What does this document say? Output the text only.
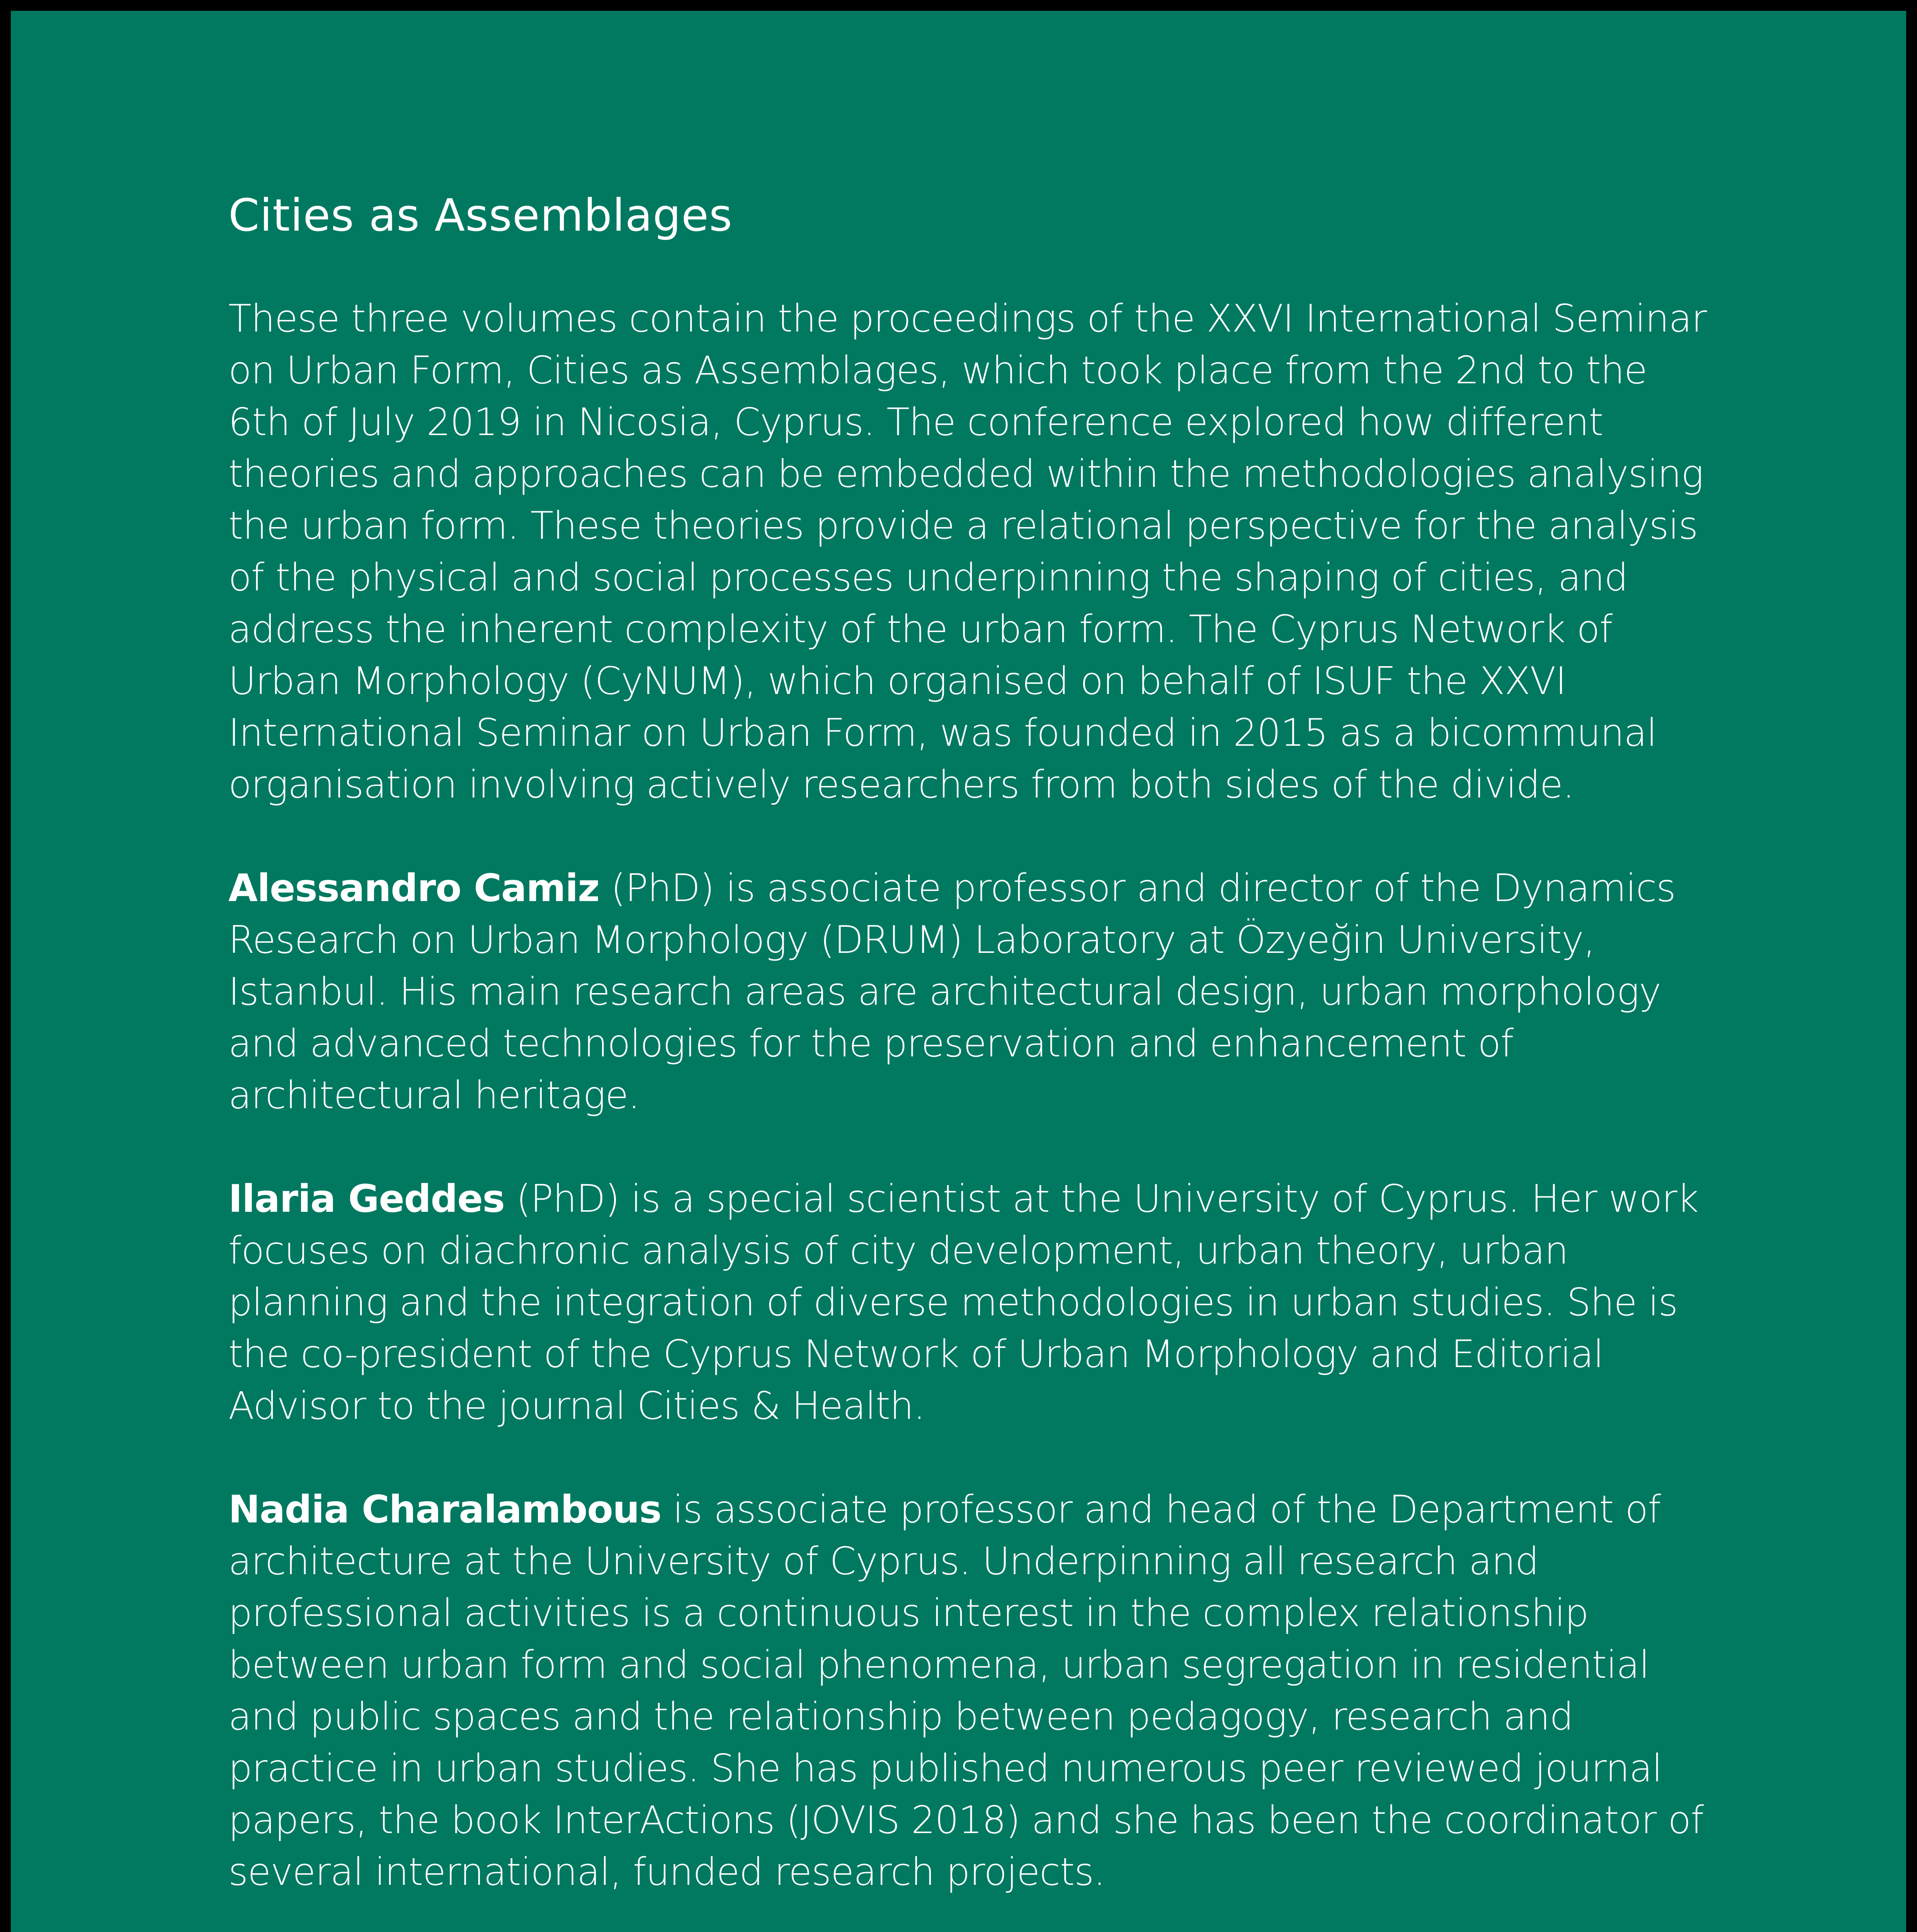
Cities as Assemblages

These three volumes contain the proceedings of the XXVI International Seminar on Urban Form, Cities as Assemblages, which took place from the 2nd to the 6th of July 2019 in Nicosia, Cyprus. The conference explored how different theories and approaches can be embedded within the methodologies analysing the urban form. These theories provide a relational perspective for the analysis of the physical and social processes underpinning the shaping of cities, and address the inherent complexity of the urban form. The Cyprus Network of Urban Morphology (CyNUM), which organised on behalf of ISUF the XXVI International Seminar on Urban Form, was founded in 2015 as a bicommunal organisation involving actively researchers from both sides of the divide.

Alessandro Camiz (PhD) is associate professor and director of the Dynamics Research on Urban Morphology (DRUM) Laboratory at Özyeğin University, Istanbul. His main research areas are architectural design, urban morphology and advanced technologies for the preservation and enhancement of architectural heritage.

Ilaria Geddes (PhD) is a special scientist at the University of Cyprus. Her work focuses on diachronic analysis of city development, urban theory, urban planning and the integration of diverse methodologies in urban studies. She is the co-president of the Cyprus Network of Urban Morphology and Editorial Advisor to the journal Cities & Health.

Nadia Charalambous is associate professor and head of the Department of architecture at the University of Cyprus. Underpinning all research and professional activities is a continuous interest in the complex relationship between urban form and social phenomena, urban segregation in residential and public spaces and the relationship between pedagogy, research and practice in urban studies. She has published numerous peer reviewed journal papers, the book InterActions (JOVIS 2018) and she has been the coordinator of several international, funded research projects.
